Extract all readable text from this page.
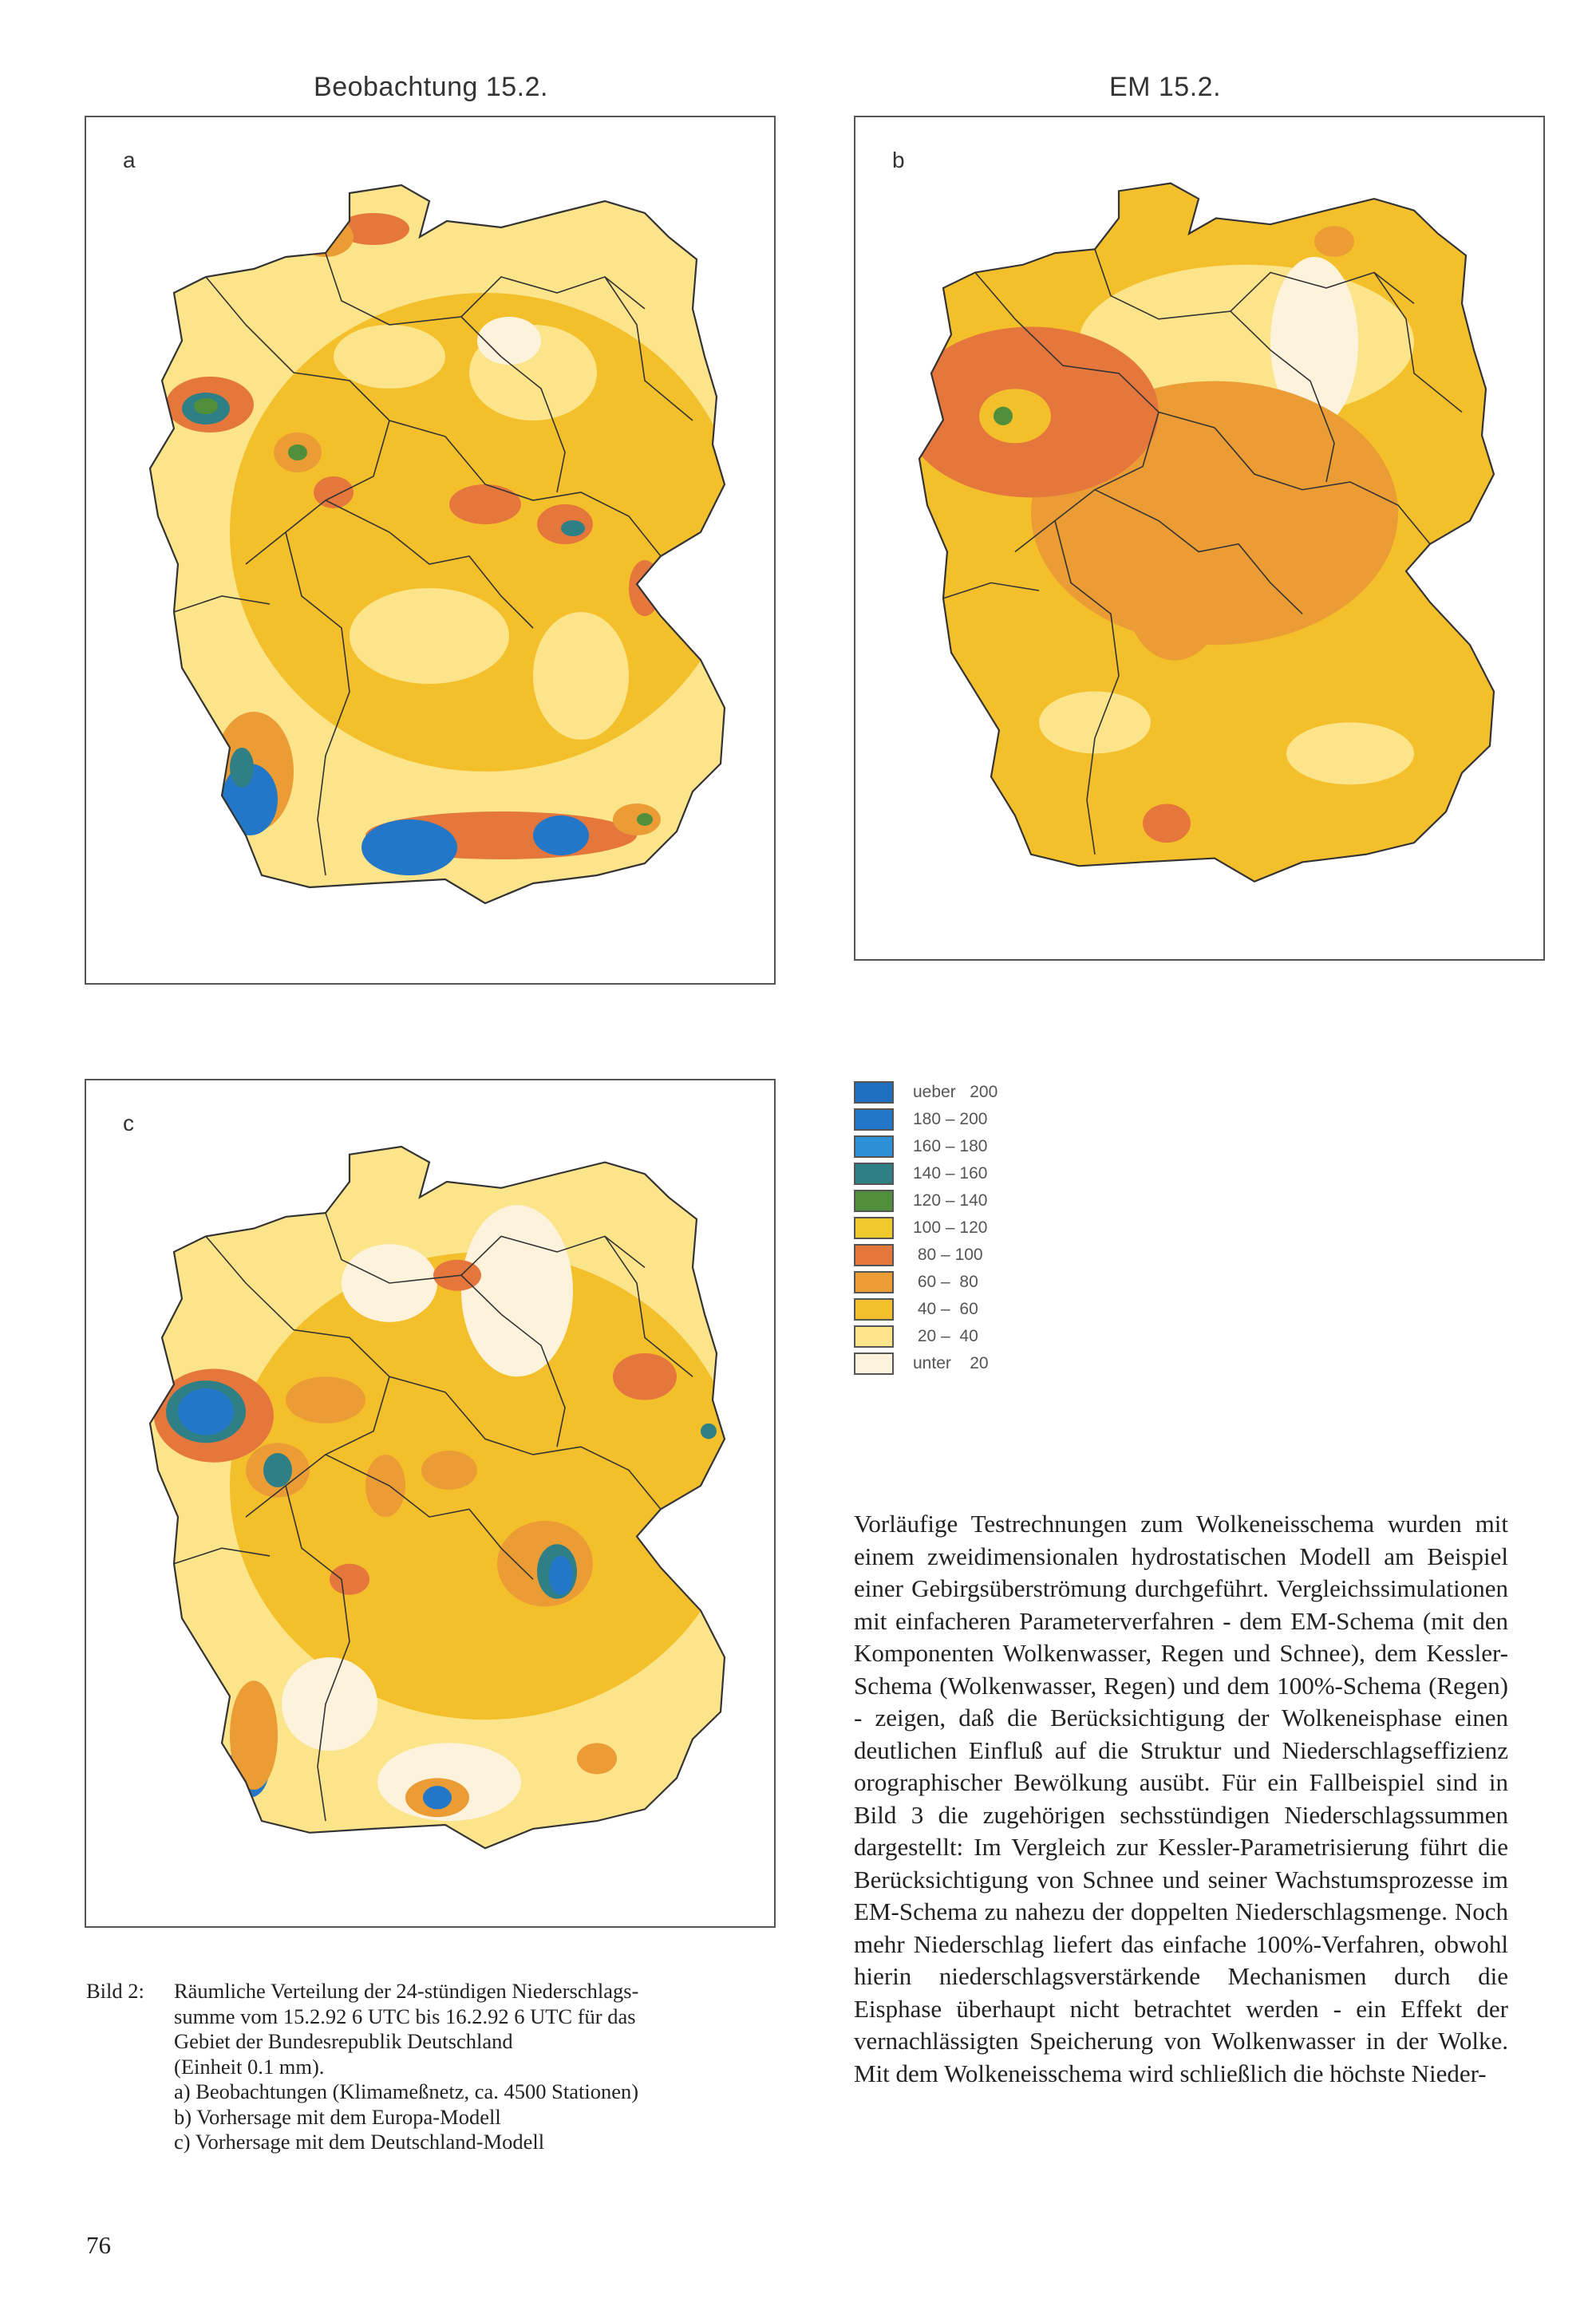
Beobachtung 15.2.	EM 15.2.
a	b
c
ueber 200
180 – 200
160 – 180
140 – 160
120 – 140
100 – 120
80 – 100
60 – 80
40 – 60
20 – 40
unter 20
Vorläufige Testrechnungen zum Wolkeneisschema wurden mit einem zweidimensionalen hydrostatischen Modell am Beispiel einer Gebirgsüberströmung durchgeführt. Vergleichssimulationen mit einfacheren Parameterverfahren - dem EM-Schema (mit den Komponenten Wolkenwasser, Regen und Schnee), dem Kessler-Schema (Wolkenwasser, Regen) und dem 100%-Schema (Regen) - zeigen, daß die Berücksichtigung der Wolkeneisphase einen deutlichen Einfluß auf die Struktur und Niederschlagseffizienz orographischer Bewölkung ausübt. Für ein Fallbeispiel sind in Bild 3 die zugehörigen sechsstündigen Niederschlagssummen dargestellt: Im Vergleich zur Kessler-Parametrisierung führt die Berücksichtigung von Schnee und seiner Wachstumsprozesse im EM-Schema zu nahezu der doppelten Niederschlagsmenge. Noch mehr Niederschlag liefert das einfache 100%-Verfahren, obwohl hierin niederschlagsverstärkende Mechanismen durch die Eisphase überhaupt nicht betrachtet werden - ein Effekt der vernachlässigten Speicherung von Wolkenwasser in der Wolke. Mit dem Wolkeneisschema wird schließlich die höchste Nieder-
Bild 2: Räumliche Verteilung der 24-stündigen Niederschlags-
summe vom 15.2.92 6 UTC bis 16.2.92 6 UTC für das
Gebiet der Bundesrepublik Deutschland
(Einheit 0.1 mm).
a) Beobachtungen (Klimameßnetz, ca. 4500 Stationen)
b) Vorhersage mit dem Europa-Modell
c) Vorhersage mit dem Deutschland-Modell
76
